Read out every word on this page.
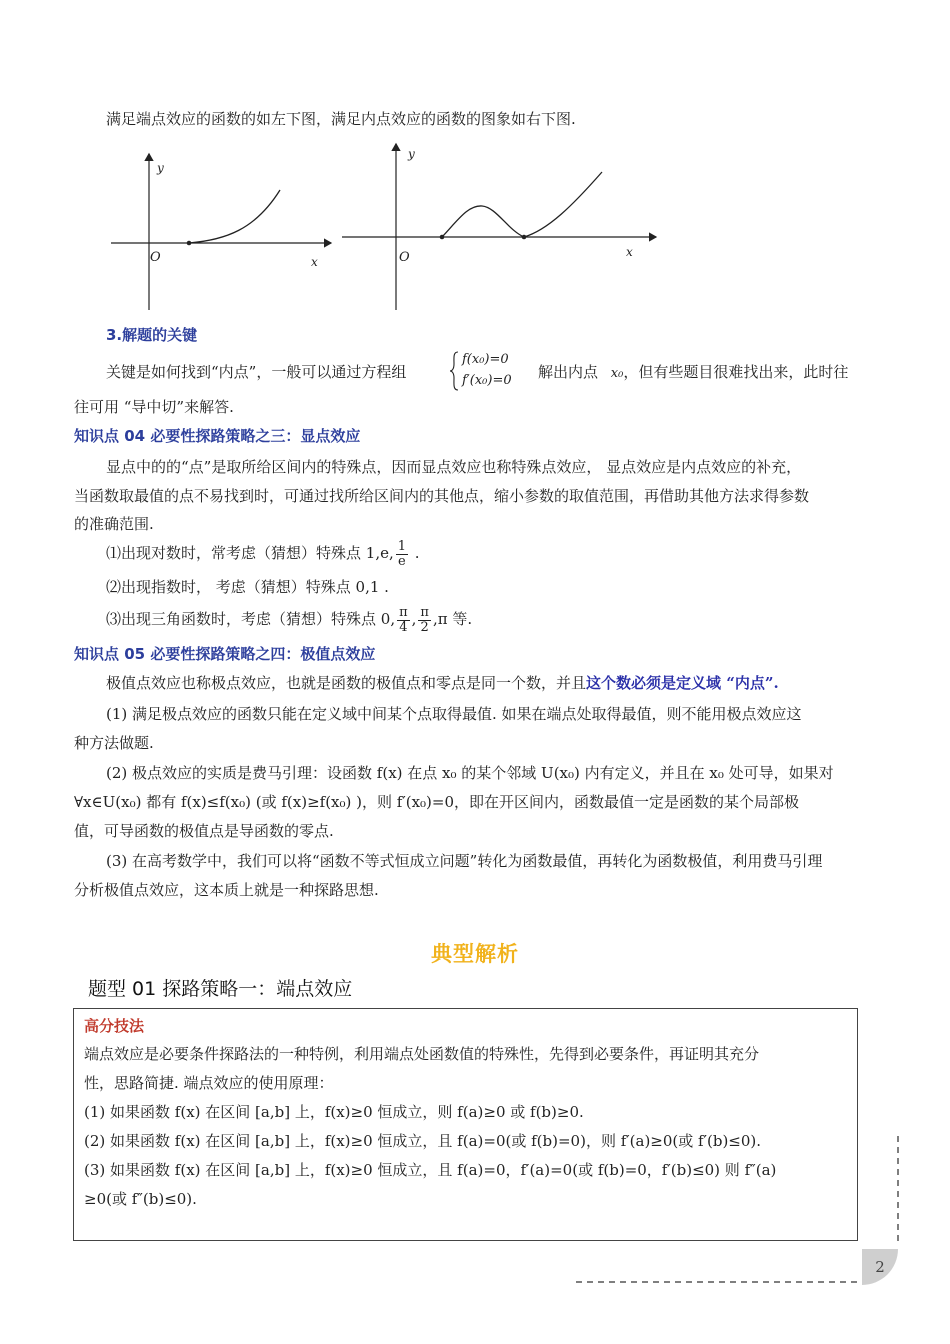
满足端点效应的函数的如左下图，满足内点效应的函数的图象如右下图.
y
O	x
y
O	x
3.解题的关键
关键是如何找到“内点”，一般可以通过方程组
f(x₀)=0
f′(x₀)=0 解出内点 x₀，但有些题目很难找出来，此时往
往可用 “导中切”来解答.
知识点 04 必要性探路策略之三：显点效应
显点中的的“点”是取所给区间内的特殊点，因而显点效应也称特殊点效应， 显点效应是内点效应的补充，
当函数取最值的点不易找到时，可通过找所给区间内的其他点，缩小参数的取值范围，再借助其他方法求得参数
的准确范围.
⑴出现对数时，常考虑（猜想）特殊点 1,e, $\frac{1}{e}$ .
⑵出现指数时， 考虑（猜想）特殊点 0,1 .
⑶出现三角函数时，考虑（猜想）特殊点 0, $\frac{\pi}{4}$ , $\frac{\pi}{2} ,\pi$ 等.
知识点 05 必要性探路策略之四：极值点效应
极值点效应也称极点效应，也就是函数的极值点和零点是同一个数，并且这个数必须是定义域 “内点”.
(1) 满足极点效应的函数只能在定义域中间某个点取得最值. 如果在端点处取得最值，则不能用极点效应这
种方法做题.
(2) 极点效应的实质是费马引理：设函数 f(x) 在点 x₀ 的某个邻域 U(x₀) 内有定义，并且在 x₀ 处可导，如果对
∀x∈U(x₀) 都有 f(x)≤f(x₀) (或 f(x)≥f(x₀) )，则 f′(x₀)=0，即在开区间内，函数最值一定是函数的某个局部极
值，可导函数的极值点是导函数的零点.
(3) 在高考数学中，我们可以将“函数不等式恒成立问题”转化为函数最值，再转化为函数极值，利用费马引理
分析极值点效应，这本质上就是一种探路思想.
典型解析
题型 01 探路策略一：端点效应
高分技法
端点效应是必要条件探路法的一种特例，利用端点处函数值的特殊性，先得到必要条件，再证明其充分
性，思路简捷. 端点效应的使用原理：
(1) 如果函数 f(x) 在区间 [a,b] 上，f(x)≥0 恒成立，则 f(a)≥0 或 f(b)≥0.
(2) 如果函数 f(x) 在区间 [a,b] 上，f(x)≥0 恒成立，且 f(a)=0(或 f(b)=0)，则 f′(a)≥0(或 f′(b)≤0).
(3) 如果函数 f(x) 在区间 [a,b] 上，f(x)≥0 恒成立，且 f(a)=0，f′(a)=0(或 f(b)=0，f′(b)≤0) 则 f″(a)
≥0(或 f″(b)≤0).
2
